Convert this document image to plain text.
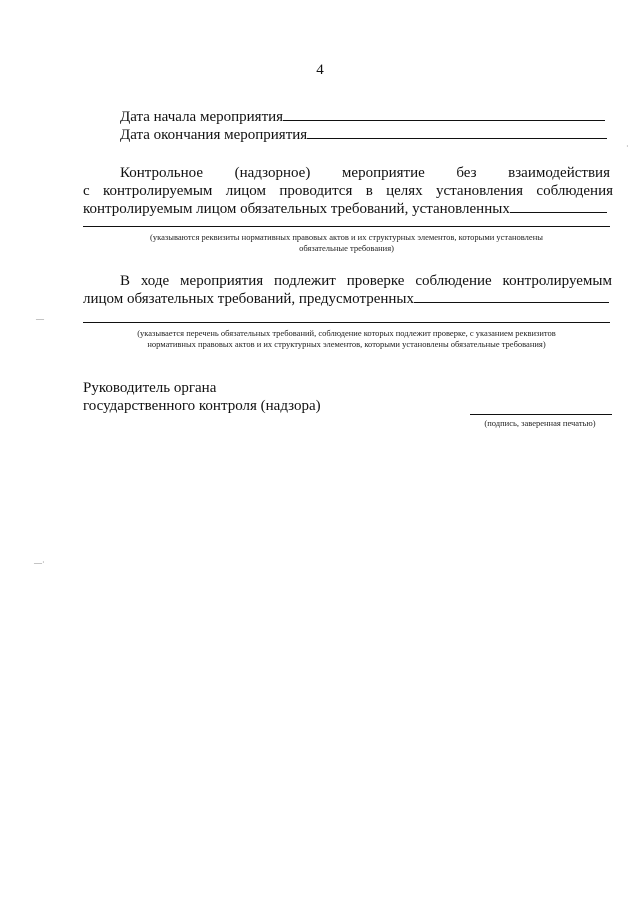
4
Дата начала мероприятия
Дата окончания мероприятия
·
Контрольное (надзорное) мероприятие без взаимодействия
с контролируемым лицом проводится в целях установления соблюдения
контролируемым лицом обязательных требований, установленных
(указываются реквизиты нормативных правовых актов и их структурных элементов, которыми установлены
обязательные требования)
В ходе мероприятия подлежит проверке соблюдение контролируемым
лицом обязательных требований, предусмотренных
—
(указывается перечень обязательных требований, соблюдение которых подлежит проверке, с указанием реквизитов
нормативных правовых актов и их структурных элементов, которыми установлены обязательные требования)
Руководитель органа
государственного контроля (надзора)
(подпись, заверенная печатью)
—·
